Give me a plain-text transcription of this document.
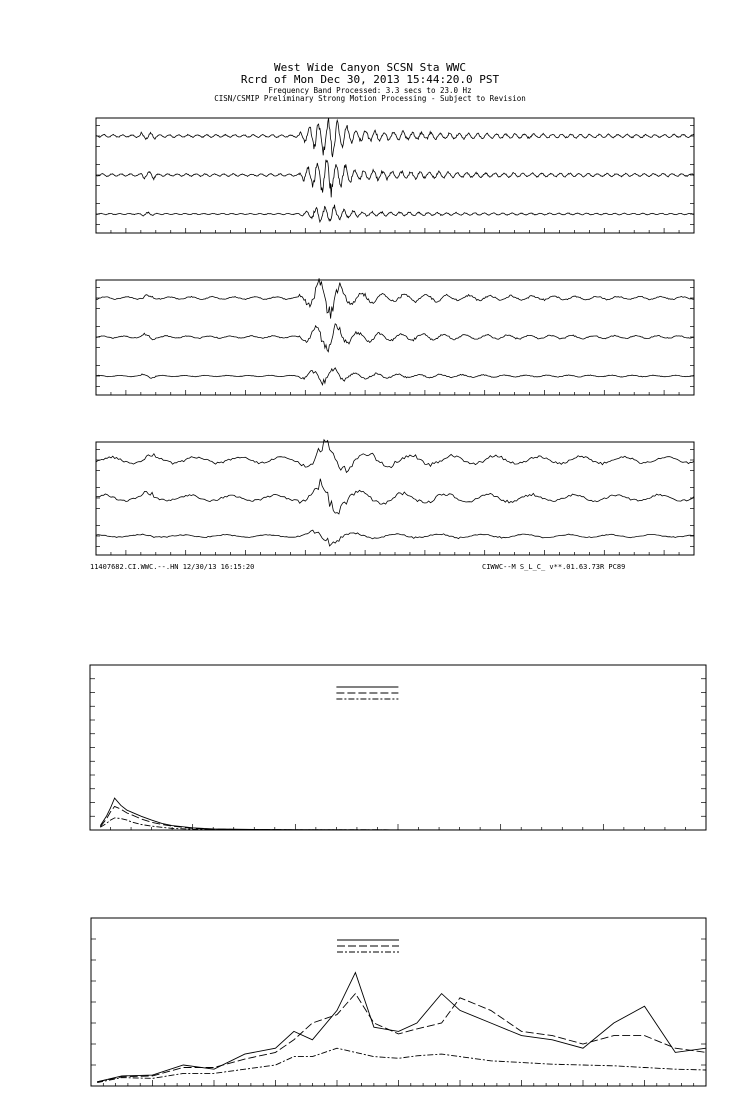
West Wide Canyon SCSN Sta WWC
Rcrd of Mon Dec 30, 2013 15:44:20.0 PST
Frequency Band Processed: 3.3 secs to 23.0 Hz
CISN/CSMIP Preliminary Strong Motion Processing - Subject to Revision
11407682.CI.WWC.--.HN 12/30/13 16:15:20	CIWWC--M S_L_C_ v**.01.63.73R PC89
